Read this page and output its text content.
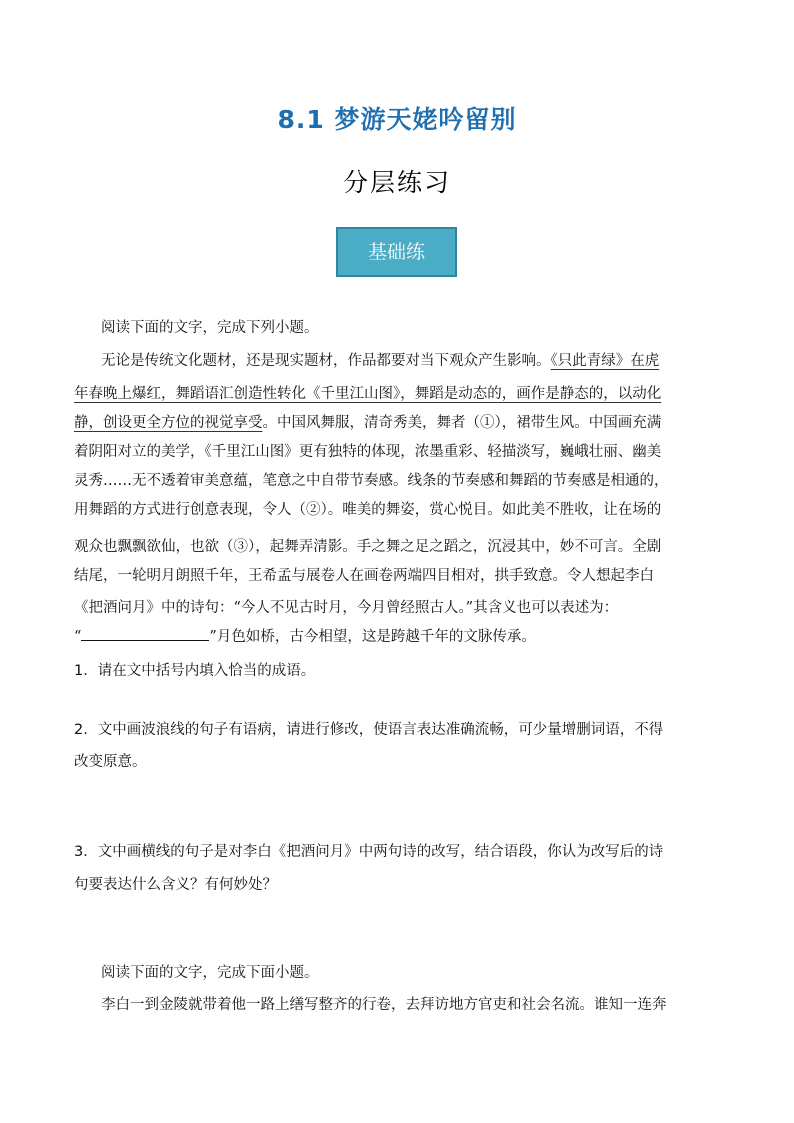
8.1 梦游天姥吟留别
分层练习
基础练
阅读下面的文字，完成下列小题。
无论是传统文化题材，还是现实题材，作品都要对当下观众产生影响。《只此青绿》在虎
年春晚上爆红，舞蹈语汇创造性转化《千里江山图》，舞蹈是动态的，画作是静态的，以动化
静，创设更全方位的视觉享受。中国风舞服，清奇秀美，舞者（①），裙带生风。中国画充满
着阴阳对立的美学，《千里江山图》更有独特的体现，浓墨重彩、轻描淡写，巍峨壮丽、幽美
灵秀……无不透着审美意蕴，笔意之中自带节奏感。线条的节奏感和舞蹈的节奏感是相通的，
用舞蹈的方式进行创意表现，令人（②）。唯美的舞姿，赏心悦目。如此美不胜收，让在场的
观众也飘飘欲仙，也欲（③），起舞弄清影。手之舞之足之蹈之，沉浸其中，妙不可言。全剧
结尾，一轮明月朗照千年，王希孟与展卷人在画卷两端四目相对，拱手致意。令人想起李白
《把酒问月》中的诗句：“今人不见古时月，今月曾经照古人。”其含义也可以表述为：
“	”月色如桥，古今相望，这是跨越千年的文脉传承。
1．请在文中括号内填入恰当的成语。
2．文中画波浪线的句子有语病，请进行修改，使语言表达准确流畅，可少量增删词语，不得
改变原意。
3．文中画横线的句子是对李白《把酒问月》中两句诗的改写，结合语段，你认为改写后的诗
句要表达什么含义？有何妙处？
阅读下面的文字，完成下面小题。
李白一到金陵就带着他一路上缮写整齐的行卷，去拜访地方官吏和社会名流。谁知一连奔
